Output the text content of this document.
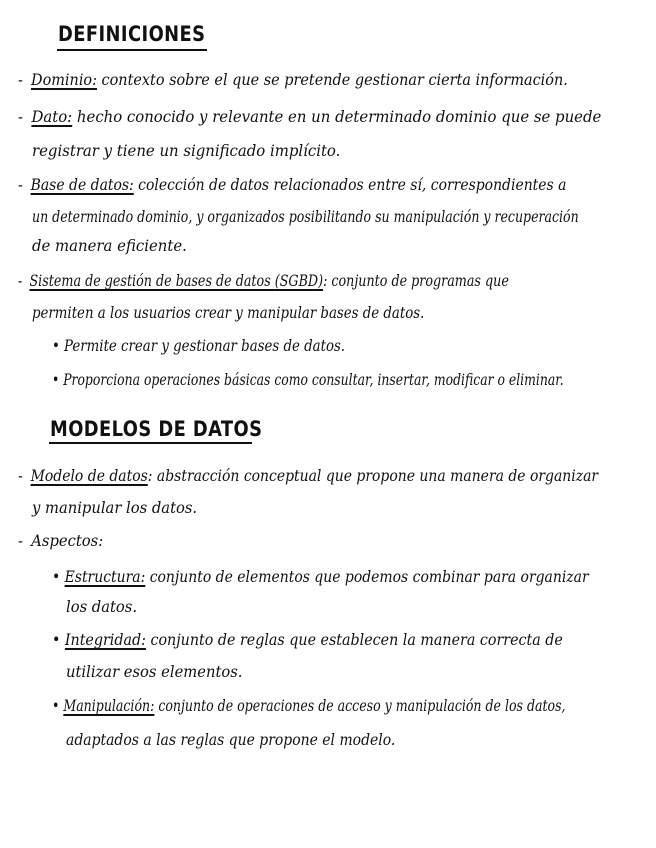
DEFINICIONES
- Dominio: contexto sobre el que se pretende gestionar cierta información.
- Dato: hecho conocido y relevante en un determinado dominio que se puede
registrar y tiene un significado implícito.
- Base de datos: colección de datos relacionados entre sí, correspondientes a
un determinado dominio, y organizados posibilitando su manipulación y recuperación
de manera eficiente.
- Sistema de gestión de bases de datos (SGBD): conjunto de programas que
permiten a los usuarios crear y manipular bases de datos.
• Permite crear y gestionar bases de datos.
• Proporciona operaciones básicas como consultar, insertar, modificar o eliminar.
MODELOS DE DATOS
- Modelo de datos: abstracción conceptual que propone una manera de organizar
y manipular los datos.
- Aspectos:
• Estructura: conjunto de elementos que podemos combinar para organizar
los datos.
• Integridad: conjunto de reglas que establecen la manera correcta de
utilizar esos elementos.
• Manipulación: conjunto de operaciones de acceso y manipulación de los datos,
adaptados a las reglas que propone el modelo.
